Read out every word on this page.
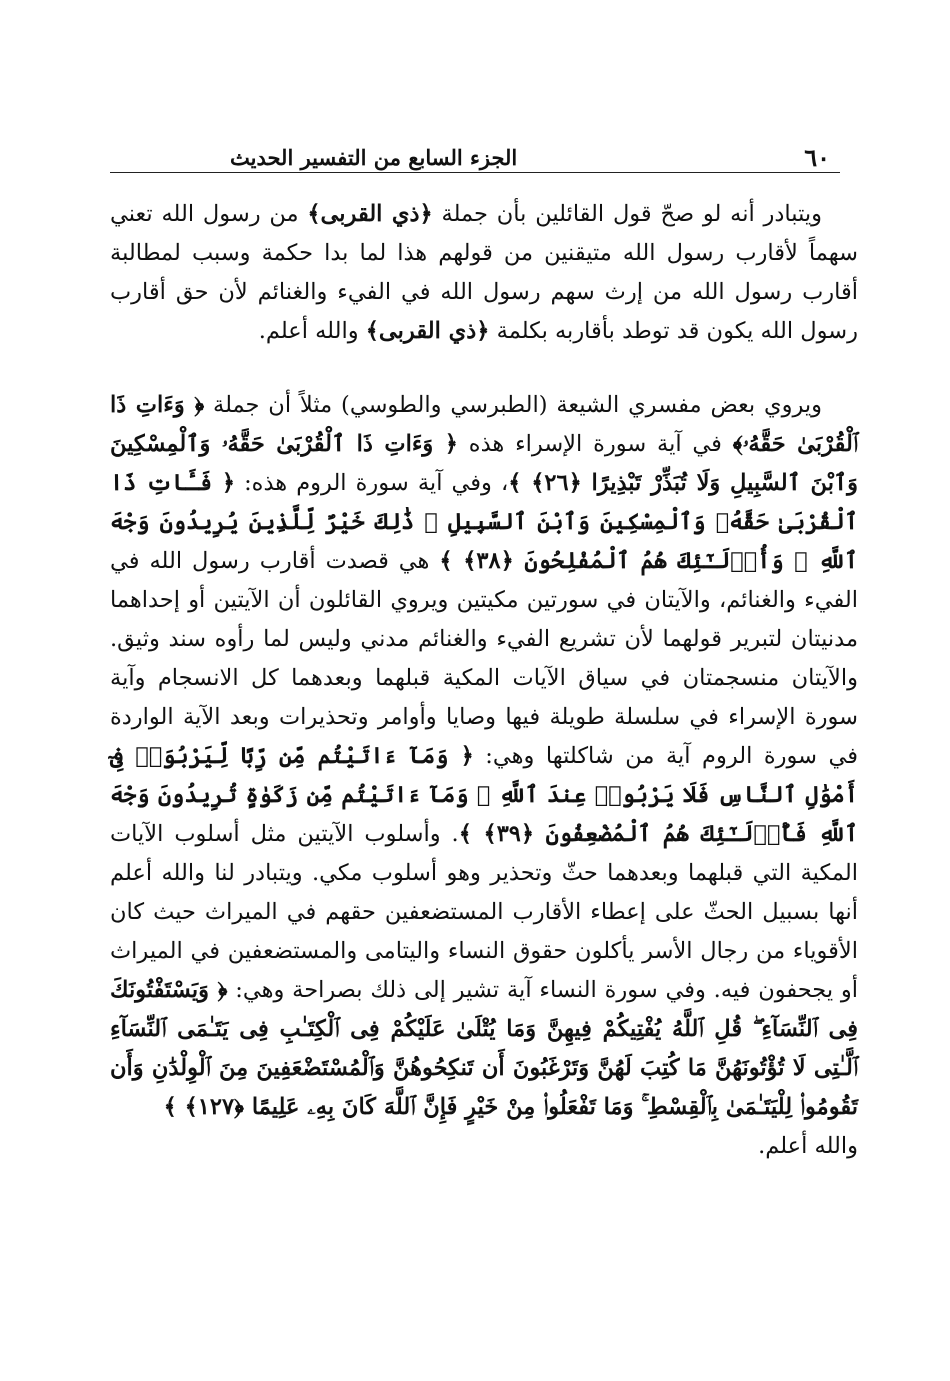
٦٠
الجزء السابع من التفسير الحديث

ويتبادر أنه لو صحّ قول القائلين بأن جملة ﴿ذي القربى﴾ من رسول الله تعني سهماً لأقارب رسول الله متيقنين من قولهم هذا لما بدا حكمة وسبب لمطالبة أقارب رسول الله من إرث سهم رسول الله في الفيء والغنائم لأن حق أقارب رسول الله يكون قد توطد بأقاربه بكلمة ﴿ذي القربى﴾ والله أعلم.

ويروي بعض مفسري الشيعة (الطبرسي والطوسي) مثلاً أن جملة ﴿ وَءَاتِ ذَا ٱلْقُرْبَىٰ حَقَّهُۥ﴾ في آية سورة الإسراء هذه ﴿ وَءَاتِ ذَا ٱلْقُرْبَىٰ حَقَّهُۥ وَٱلْمِسْكِينَ وَٱبْنَ ٱلسَّبِيلِ وَلَا تُبَذِّرْ تَبْذِيرًا ﴿٢٦﴾ ﴾، وفي آية سورة الروم هذه: ﴿ فَـَٔاتِ ذَا ٱلْقُرْبَىٰ حَقَّهُۥ وَٱلْمِسْكِينَ وَٱبْنَ ٱلسَّبِيلِ ۚ ذَٰلِكَ خَيْرٌ لِّلَّذِينَ يُرِيدُونَ وَجْهَ ٱللَّهِ ۖ وَأُو۟لَـٰٓئِكَ هُمُ ٱلْمُفْلِحُونَ ﴿٣٨﴾ ﴾ هي قصدت أقارب رسول الله في الفيء والغنائم، والآيتان في سورتين مكيتين ويروي القائلون أن الآيتين أو إحداهما مدنيتان لتبرير قولهما لأن تشريع الفيء والغنائم مدني وليس لما رأوه سند وثيق. والآيتان منسجمتان في سياق الآيات المكية قبلهما وبعدهما كل الانسجام وآية سورة الإسراء في سلسلة طويلة فيها وصايا وأوامر وتحذيرات وبعد الآية الواردة في سورة الروم آية من شاكلتها وهي: ﴿ وَمَآ ءَاتَيْتُم مِّن رِّبًا لِّيَرْبُوَا۟ فِىٓ أَمْوَٰلِ ٱلنَّاسِ فَلَا يَرْبُوا۟ عِندَ ٱللَّهِ ۖ وَمَآ ءَاتَيْتُم مِّن زَكَوٰةٍ تُرِيدُونَ وَجْهَ ٱللَّهِ فَأُو۟لَـٰٓئِكَ هُمُ ٱلْمُضْعِفُونَ ﴿٣٩﴾ ﴾. وأسلوب الآيتين مثل أسلوب الآيات المكية التي قبلهما وبعدهما حثّ وتحذير وهو أسلوب مكي. ويتبادر لنا والله أعلم أنها بسبيل الحثّ على إعطاء الأقارب المستضعفين حقهم في الميراث حيث كان الأقوياء من رجال الأسر يأكلون حقوق النساء واليتامى والمستضعفين في الميراث أو يجحفون فيه. وفي سورة النساء آية تشير إلى ذلك بصراحة وهي: ﴿ وَيَسْتَفْتُونَكَ فِى ٱلنِّسَآءِ ۖ قُلِ ٱللَّهُ يُفْتِيكُمْ فِيهِنَّ وَمَا يُتْلَىٰ عَلَيْكُمْ فِى ٱلْكِتَـٰبِ فِى يَتَـٰمَى ٱلنِّسَآءِ ٱلَّـٰتِى لَا تُؤْتُونَهُنَّ مَا كُتِبَ لَهُنَّ وَتَرْغَبُونَ أَن تَنكِحُوهُنَّ وَٱلْمُسْتَضْعَفِينَ مِنَ ٱلْوِلْدَٰنِ وَأَن تَقُومُوا۟ لِلْيَتَـٰمَىٰ بِٱلْقِسْطِ ۚ وَمَا تَفْعَلُوا۟ مِنْ خَيْرٍ فَإِنَّ ٱللَّهَ كَانَ بِهِۦ عَلِيمًا ﴿١٢٧﴾ ﴾

والله أعلم.
